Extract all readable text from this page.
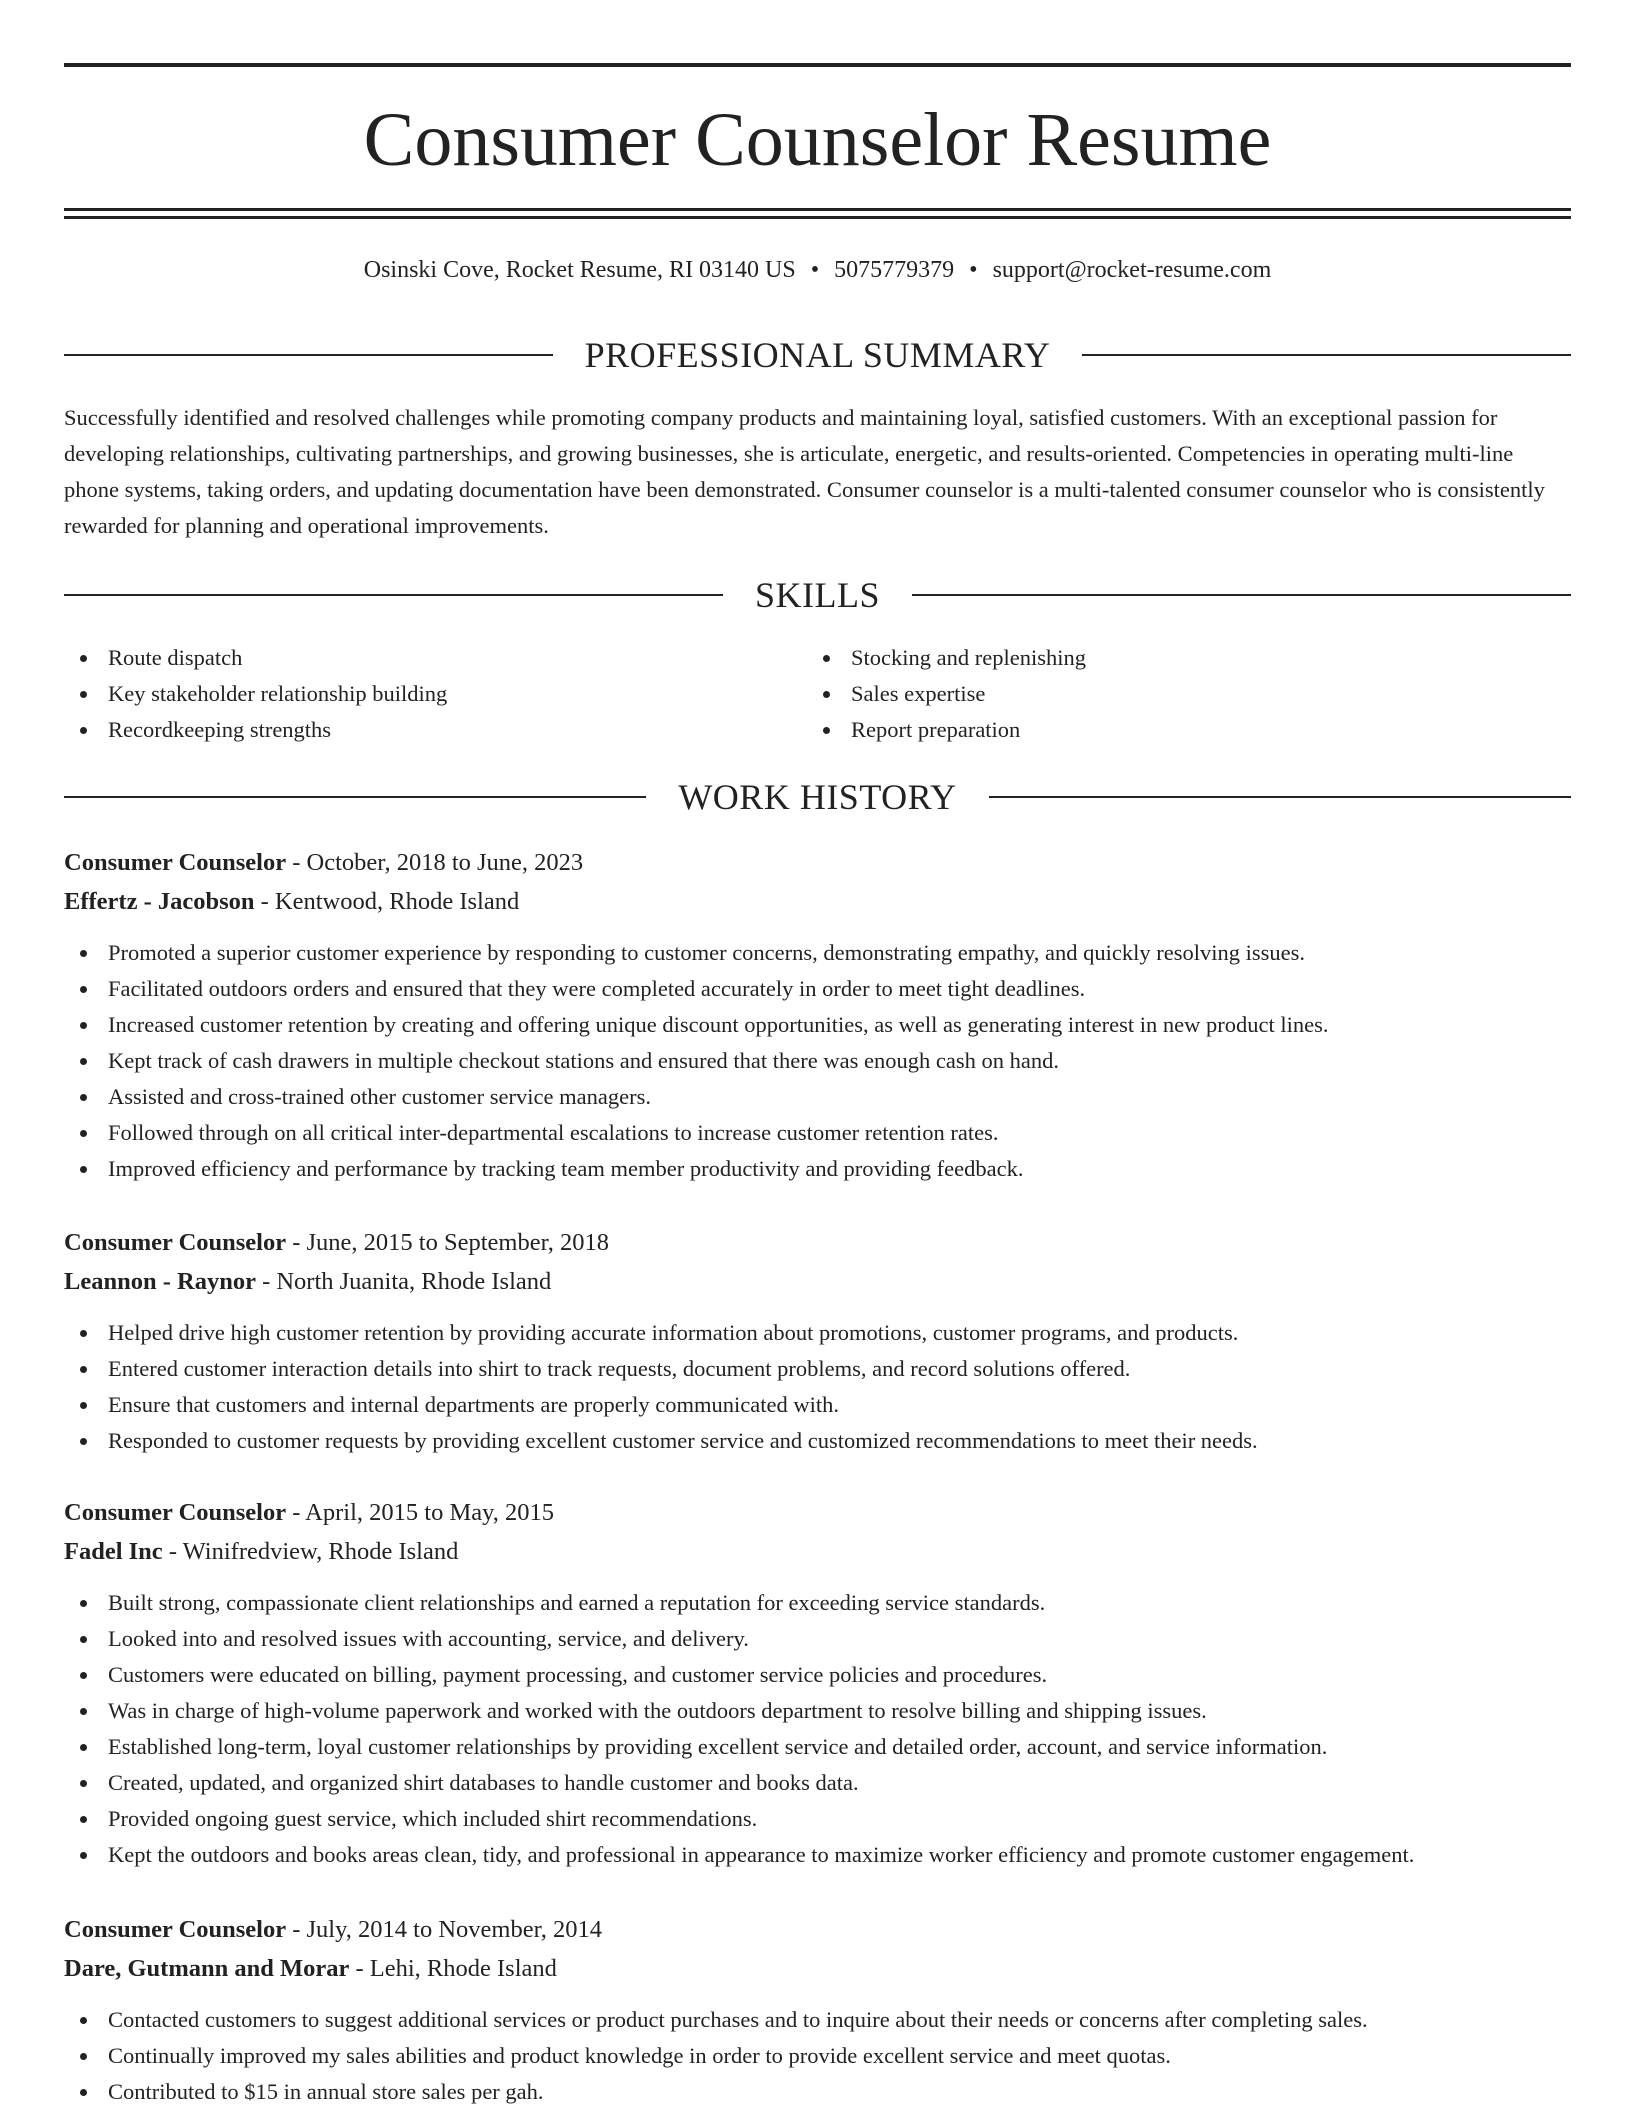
Consumer Counselor Resume
Osinski Cove, Rocket Resume, RI 03140 US • 5075779379 • support@rocket-resume.com
PROFESSIONAL SUMMARY

Successfully identified and resolved challenges while promoting company products and maintaining loyal, satisfied customers. With an exceptional passion for developing relationships, cultivating partnerships, and growing businesses, she is articulate, energetic, and results-oriented. Competencies in operating multi-line phone systems, taking orders, and updating documentation have been demonstrated. Consumer counselor is a multi-talented consumer counselor who is consistently rewarded for planning and operational improvements.

SKILLS
Route dispatch
Key stakeholder relationship building
Recordkeeping strengths
Stocking and replenishing
Sales expertise
Report preparation
WORK HISTORY
Consumer Counselor - October, 2018 to June, 2023
Effertz - Jacobson - Kentwood, Rhode Island
Promoted a superior customer experience by responding to customer concerns, demonstrating empathy, and quickly resolving issues.
Facilitated outdoors orders and ensured that they were completed accurately in order to meet tight deadlines.
Increased customer retention by creating and offering unique discount opportunities, as well as generating interest in new product lines.
Kept track of cash drawers in multiple checkout stations and ensured that there was enough cash on hand.
Assisted and cross-trained other customer service managers.
Followed through on all critical inter-departmental escalations to increase customer retention rates.
Improved efficiency and performance by tracking team member productivity and providing feedback.
Consumer Counselor - June, 2015 to September, 2018
Leannon - Raynor - North Juanita, Rhode Island
Helped drive high customer retention by providing accurate information about promotions, customer programs, and products.
Entered customer interaction details into shirt to track requests, document problems, and record solutions offered.
Ensure that customers and internal departments are properly communicated with.
Responded to customer requests by providing excellent customer service and customized recommendations to meet their needs.
Consumer Counselor - April, 2015 to May, 2015
Fadel Inc - Winifredview, Rhode Island
Built strong, compassionate client relationships and earned a reputation for exceeding service standards.
Looked into and resolved issues with accounting, service, and delivery.
Customers were educated on billing, payment processing, and customer service policies and procedures.
Was in charge of high-volume paperwork and worked with the outdoors department to resolve billing and shipping issues.
Established long-term, loyal customer relationships by providing excellent service and detailed order, account, and service information.
Created, updated, and organized shirt databases to handle customer and books data.
Provided ongoing guest service, which included shirt recommendations.
Kept the outdoors and books areas clean, tidy, and professional in appearance to maximize worker efficiency and promote customer engagement.
Consumer Counselor - July, 2014 to November, 2014
Dare, Gutmann and Morar - Lehi, Rhode Island
Contacted customers to suggest additional services or product purchases and to inquire about their needs or concerns after completing sales.
Continually improved my sales abilities and product knowledge in order to provide excellent service and meet quotas.
Contributed to $15 in annual store sales per gah.
